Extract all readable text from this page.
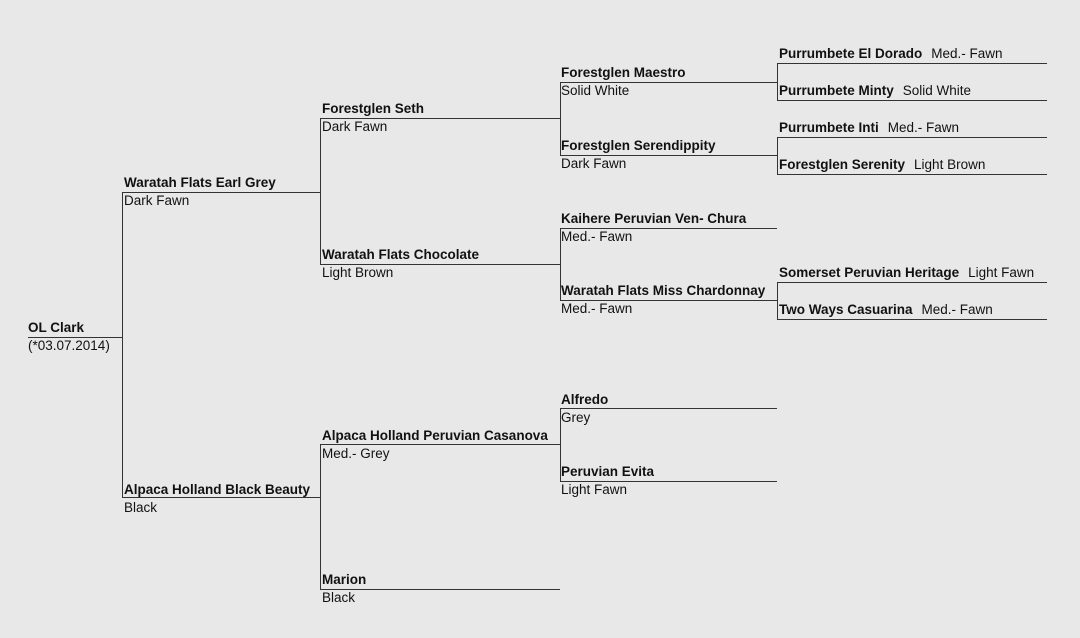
OL Clark
(*03.07.2014)
Waratah Flats Earl Grey
Dark Fawn
Alpaca Holland Black Beauty
Black
Forestglen Seth
Dark Fawn
Waratah Flats Chocolate
Light Brown
Alpaca Holland Peruvian Casanova
Med.- Grey
Marion
Black
Forestglen Maestro
Solid White
Forestglen Serendippity
Dark Fawn
Kaihere Peruvian Ven- Chura
Med.- Fawn
Waratah Flats Miss Chardonnay
Med.- Fawn
Alfredo
Grey
Peruvian Evita
Light Fawn
Purrumbete El Dorado Med.- Fawn
Purrumbete Minty Solid White
Purrumbete Inti Med.- Fawn
Forestglen Serenity Light Brown
Somerset Peruvian Heritage Light Fawn
Two Ways Casuarina Med.- Fawn
